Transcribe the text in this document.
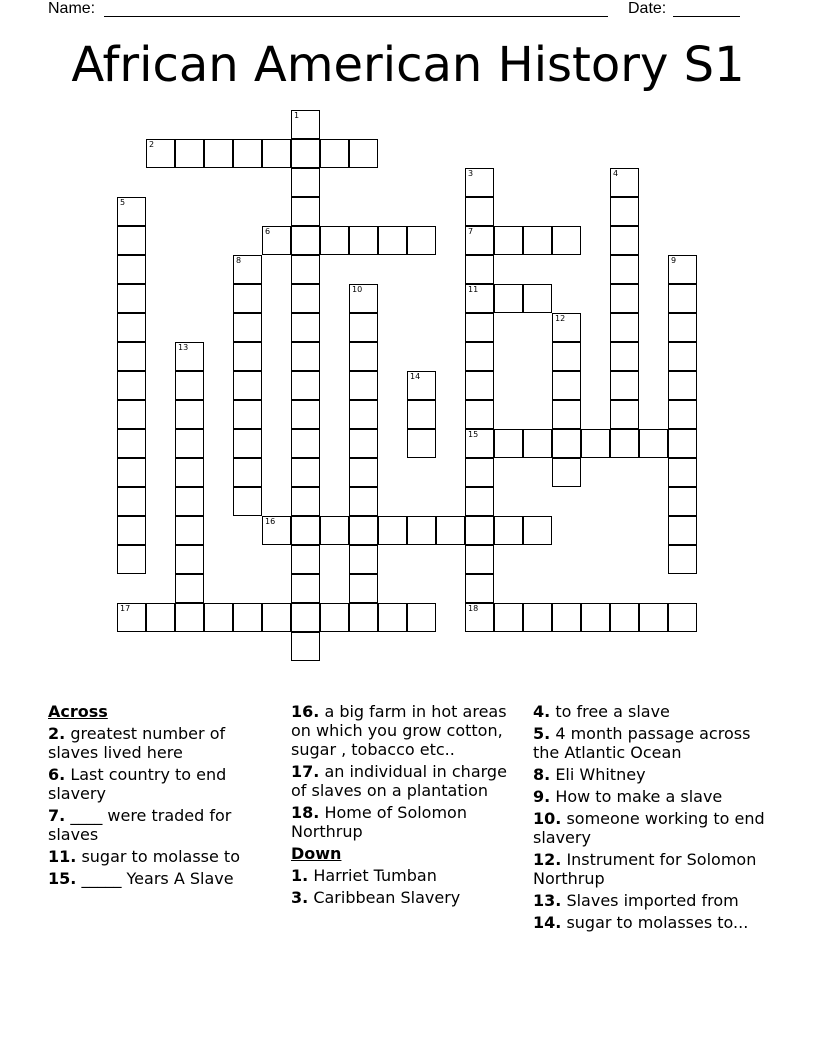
Name:	Date:
African American History S1
1
2
3
7
11
15
18
4
5
6
8	9
10
12
13
14
16
17
Across
2. greatest number of slaves lived here
6. Last country to end slavery
7. ____ were traded for slaves
11. sugar to molasse to
15. _____ Years A Slave
16. a big farm in hot areas on which you grow cotton, sugar , tobacco etc..
17. an individual in charge of slaves on a plantation
18. Home of Solomon Northrup
Down
1. Harriet Tumban
3. Caribbean Slavery
4. to free a slave
5. 4 month passage across the Atlantic Ocean
8. Eli Whitney
9. How to make a slave
10. someone working to end slavery
12. Instrument for Solomon Northrup
13. Slaves imported from
14. sugar to molasses to...
